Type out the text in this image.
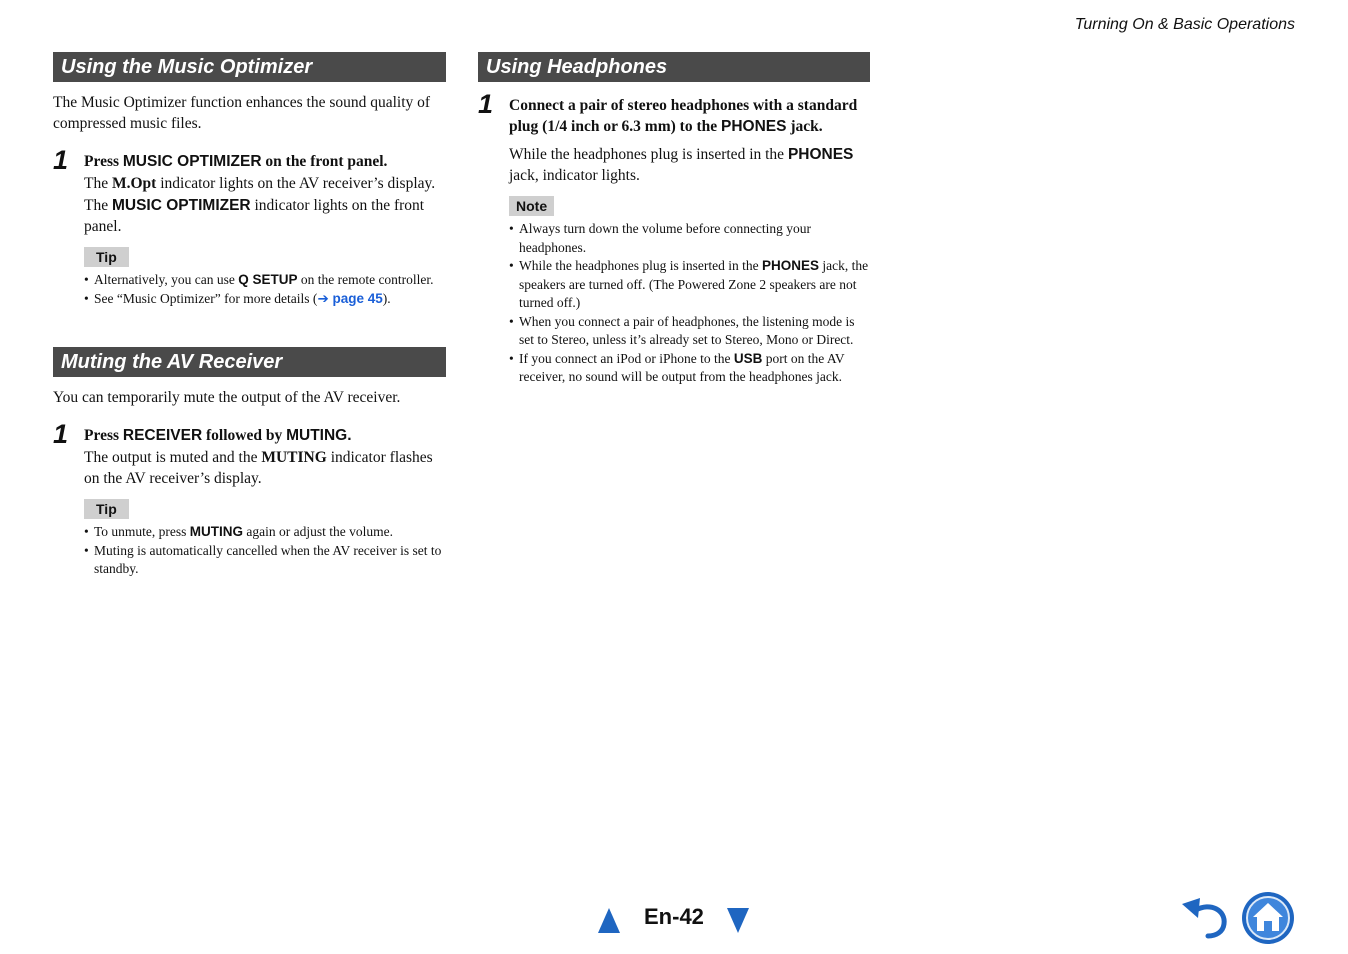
Turning On & Basic Operations
Using the Music Optimizer

The Music Optimizer function enhances the sound quality of compressed music files.

1 Press MUSIC OPTIMIZER on the front panel.
The M.Opt indicator lights on the AV receiver’s display.
The MUSIC OPTIMIZER indicator lights on the front panel.
Tip
• Alternatively, you can use Q SETUP on the remote controller.
• See “Music Optimizer” for more details (➔ page 45).
Muting the AV Receiver

You can temporarily mute the output of the AV receiver.

1 Press RECEIVER followed by MUTING.
The output is muted and the MUTING indicator flashes on the AV receiver’s display.
Tip
• To unmute, press MUTING again or adjust the volume.
• Muting is automatically cancelled when the AV receiver is set to standby.
Using Headphones
1 Connect a pair of stereo headphones with a standard plug (1/4 inch or 6.3 mm) to the PHONES jack.
While the headphones plug is inserted in the PHONES jack, indicator lights.
Note
• Always turn down the volume before connecting your headphones.
• While the headphones plug is inserted in the PHONES jack, the speakers are turned off. (The Powered Zone 2 speakers are not turned off.)
• When you connect a pair of headphones, the listening mode is set to Stereo, unless it’s already set to Stereo, Mono or Direct.
• If you connect an iPod or iPhone to the USB port on the AV receiver, no sound will be output from the headphones jack.
En-42
